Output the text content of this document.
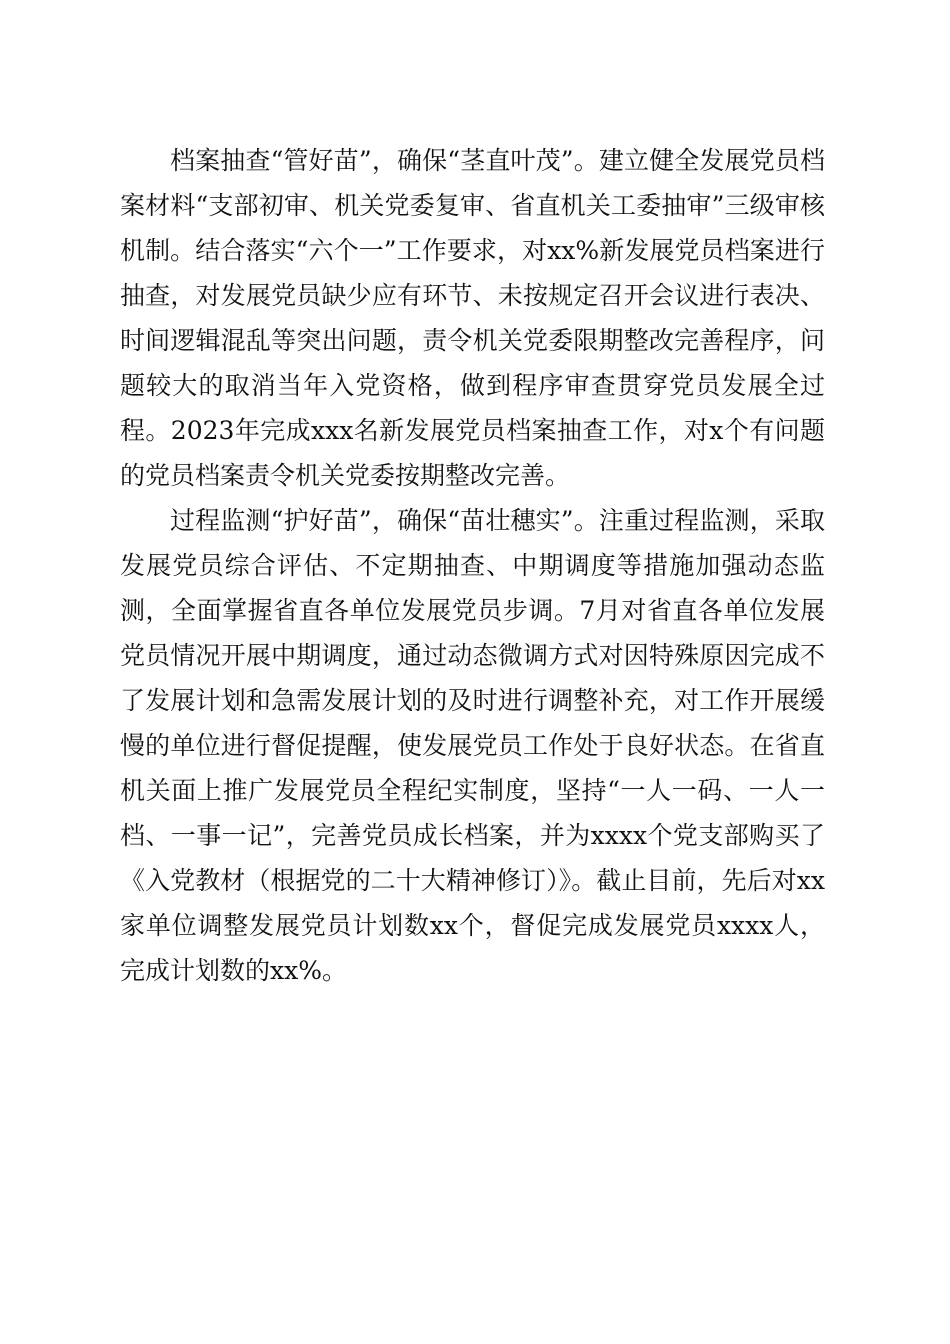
档案抽查“管好苗”，确保“茎直叶茂”。建立健全发展党员档案材料“支部初审、机关党委复审、省直机关工委抽审”三级审核机制。结合落实“六个一”工作要求，对xx%新发展党员档案进行抽查，对发展党员缺少应有环节、未按规定召开会议进行表决、时间逻辑混乱等突出问题，责令机关党委限期整改完善程序，问题较大的取消当年入党资格，做到程序审查贯穿党员发展全过程。2023年完成xxx名新发展党员档案抽查工作，对x个有问题的党员档案责令机关党委按期整改完善。

过程监测“护好苗”，确保“苗壮穗实”。注重过程监测，采取发展党员综合评估、不定期抽查、中期调度等措施加强动态监测，全面掌握省直各单位发展党员步调。7月对省直各单位发展党员情况开展中期调度，通过动态微调方式对因特殊原因完成不了发展计划和急需发展计划的及时进行调整补充，对工作开展缓慢的单位进行督促提醒，使发展党员工作处于良好状态。在省直机关面上推广发展党员全程纪实制度，坚持“一人一码、一人一档、一事一记”，完善党员成长档案，并为xxxx个党支部购买了《入党教材（根据党的二十大精神修订）》。截止目前，先后对xx家单位调整发展党员计划数xx个，督促完成发展党员xxxx人，完成计划数的xx%。
